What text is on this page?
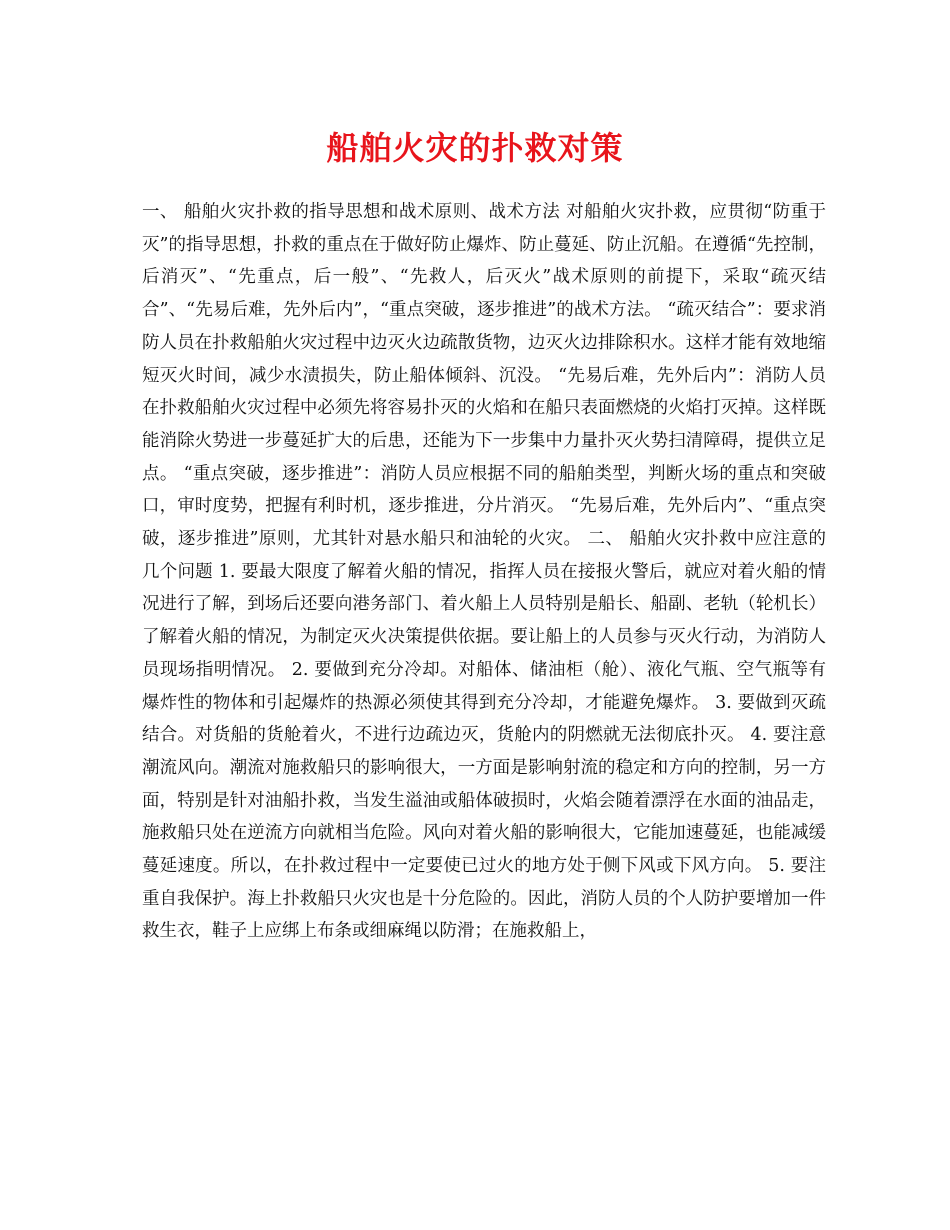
船舶火灾的扑救对策

一、 船舶火灾扑救的指导思想和战术原则、战术方法 对船舶火灾扑救，应贯彻“防重于灭”的指导思想，扑救的重点在于做好防止爆炸、防止蔓延、防止沉船。在遵循“先控制，后消灭”、“先重点，后一般”、“先救人，后灭火”战术原则的前提下，采取“疏灭结合”、“先易后难，先外后内”，“重点突破，逐步推进”的战术方法。 “疏灭结合”：要求消防人员在扑救船舶火灾过程中边灭火边疏散货物，边灭火边排除积水。这样才能有效地缩短灭火时间，减少水渍损失，防止船体倾斜、沉没。 “先易后难，先外后内”：消防人员在扑救船舶火灾过程中必须先将容易扑灭的火焰和在船只表面燃烧的火焰打灭掉。这样既能消除火势进一步蔓延扩大的后患，还能为下一步集中力量扑灭火势扫清障碍，提供立足点。 “重点突破，逐步推进”：消防人员应根据不同的船舶类型，判断火场的重点和突破口，审时度势，把握有利时机，逐步推进，分片消灭。 “先易后难，先外后内”、“重点突破，逐步推进”原则，尤其针对悬水船只和油轮的火灾。 二、 船舶火灾扑救中应注意的几个问题 1. 要最大限度了解着火船的情况，指挥人员在接报火警后，就应对着火船的情况进行了解，到场后还要向港务部门、着火船上人员特别是船长、船副、老轨（轮机长）了解着火船的情况，为制定灭火决策提供依据。要让船上的人员参与灭火行动，为消防人员现场指明情况。 2. 要做到充分冷却。对船体、储油柜（舱）、液化气瓶、空气瓶等有爆炸性的物体和引起爆炸的热源必须使其得到充分冷却，才能避免爆炸。 3. 要做到灭疏结合。对货船的货舱着火，不进行边疏边灭，货舱内的阴燃就无法彻底扑灭。 4. 要注意潮流风向。潮流对施救船只的影响很大，一方面是影响射流的稳定和方向的控制，另一方面，特别是针对油船扑救，当发生溢油或船体破损时，火焰会随着漂浮在水面的油品走，施救船只处在逆流方向就相当危险。风向对着火船的影响很大，它能加速蔓延，也能减缓蔓延速度。所以，在扑救过程中一定要使已过火的地方处于侧下风或下风方向。 5. 要注重自我保护。海上扑救船只火灾也是十分危险的。因此，消防人员的个人防护要增加一件救生衣，鞋子上应绑上布条或细麻绳以防滑；在施救船上，
